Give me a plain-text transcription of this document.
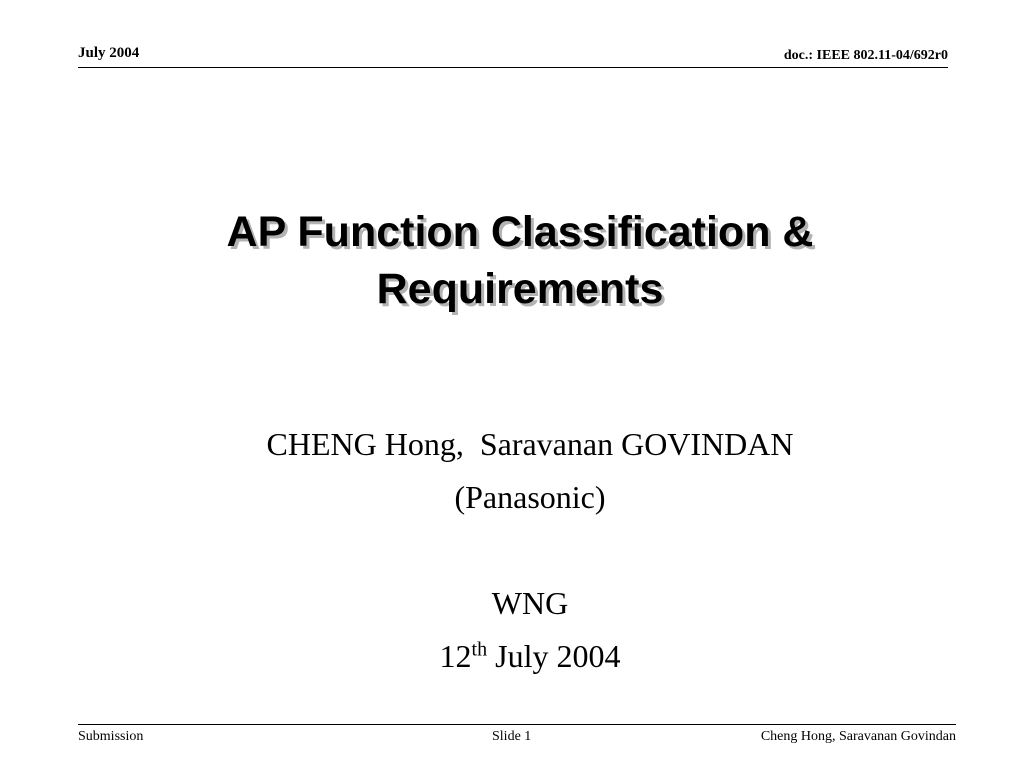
July 2004	doc.: IEEE 802.11-04/692r0
AP Function Classification &
Requirements
CHENG Hong,  Saravanan GOVINDAN
(Panasonic)
WNG
12th July 2004
Submission	Slide 1	Cheng Hong, Saravanan Govindan
